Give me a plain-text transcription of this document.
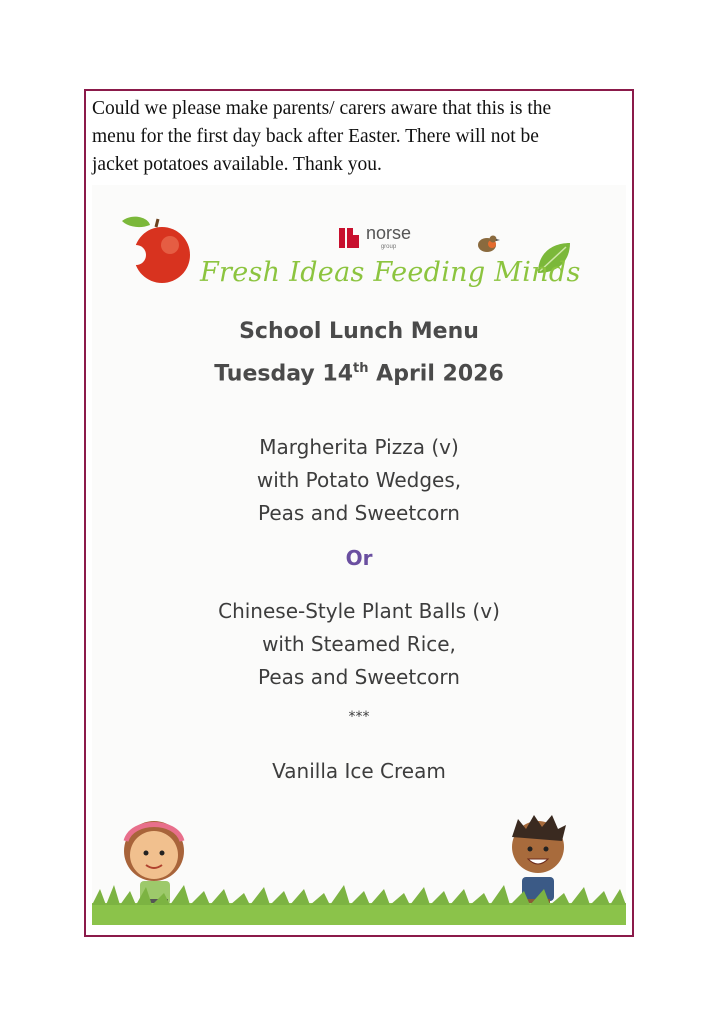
Could we please make parents/ carers aware that this is the
menu for the first day back after Easter. There will not be
jacket potatoes available. Thank you.
norse
group
Fresh Ideas Feeding Minds
School Lunch Menu
Tuesday 14th April 2026
Margherita Pizza (v)
with Potato Wedges,
Peas and Sweetcorn
Or
Chinese-Style Plant Balls (v)
with Steamed Rice,
Peas and Sweetcorn
***
Vanilla Ice Cream
